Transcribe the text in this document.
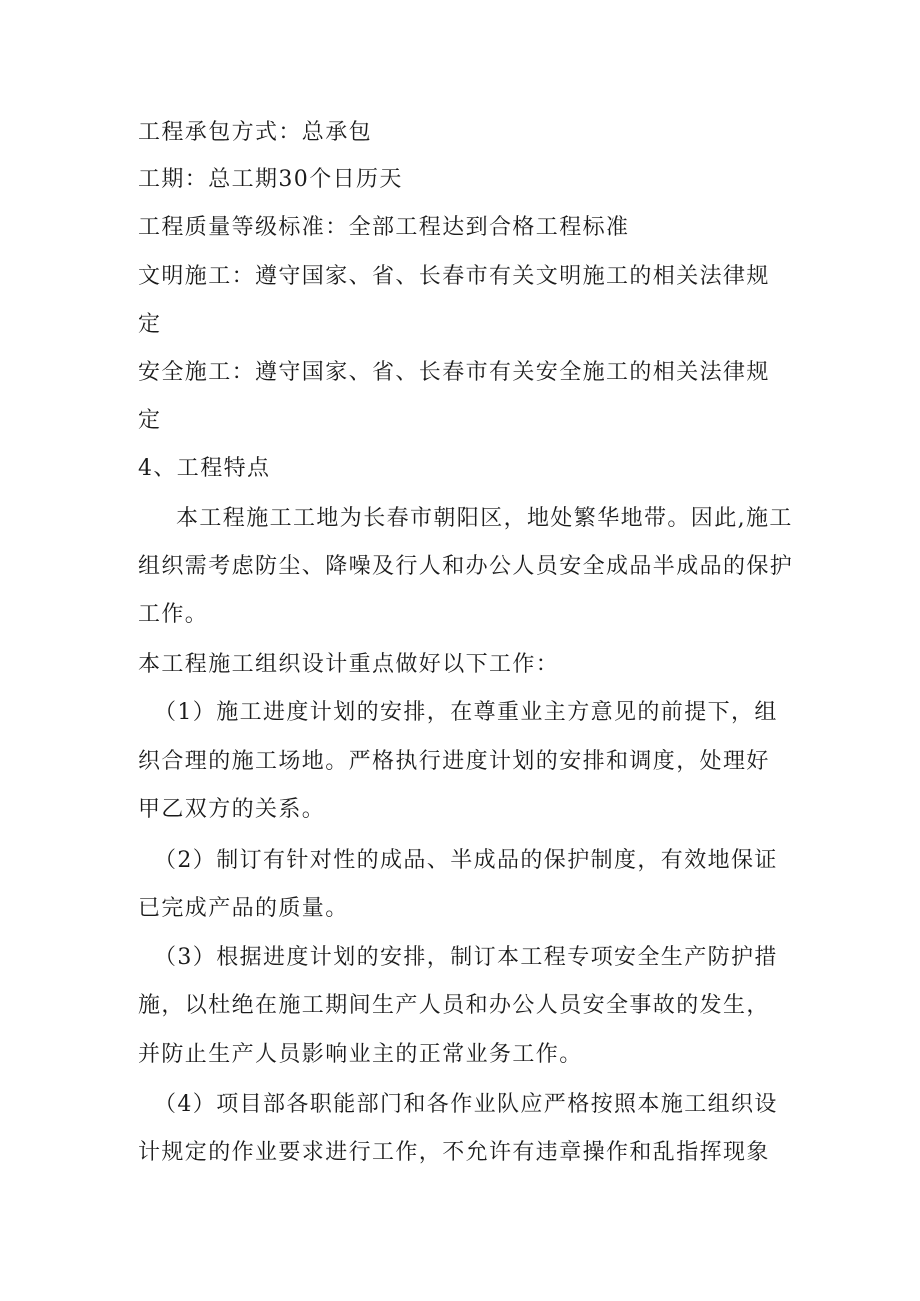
工程承包方式：总承包
工期：总工期30个日历天
工程质量等级标准：全部工程达到合格工程标准
文明施工：遵守国家、省、长春市有关文明施工的相关法律规
定
安全施工：遵守国家、省、长春市有关安全施工的相关法律规
定
4、工程特点
本工程施工工地为长春市朝阳区，地处繁华地带。因此,施工
组织需考虑防尘、降噪及行人和办公人员安全成品半成品的保护
工作。
本工程施工组织设计重点做好以下工作：
（1）施工进度计划的安排，在尊重业主方意见的前提下，组
织合理的施工场地。严格执行进度计划的安排和调度，处理好
甲乙双方的关系。
（2）制订有针对性的成品、半成品的保护制度，有效地保证
已完成产品的质量。
（3）根据进度计划的安排，制订本工程专项安全生产防护措
施，以杜绝在施工期间生产人员和办公人员安全事故的发生，
并防止生产人员影响业主的正常业务工作。
（4）项目部各职能部门和各作业队应严格按照本施工组织设
计规定的作业要求进行工作，不允许有违章操作和乱指挥现象
